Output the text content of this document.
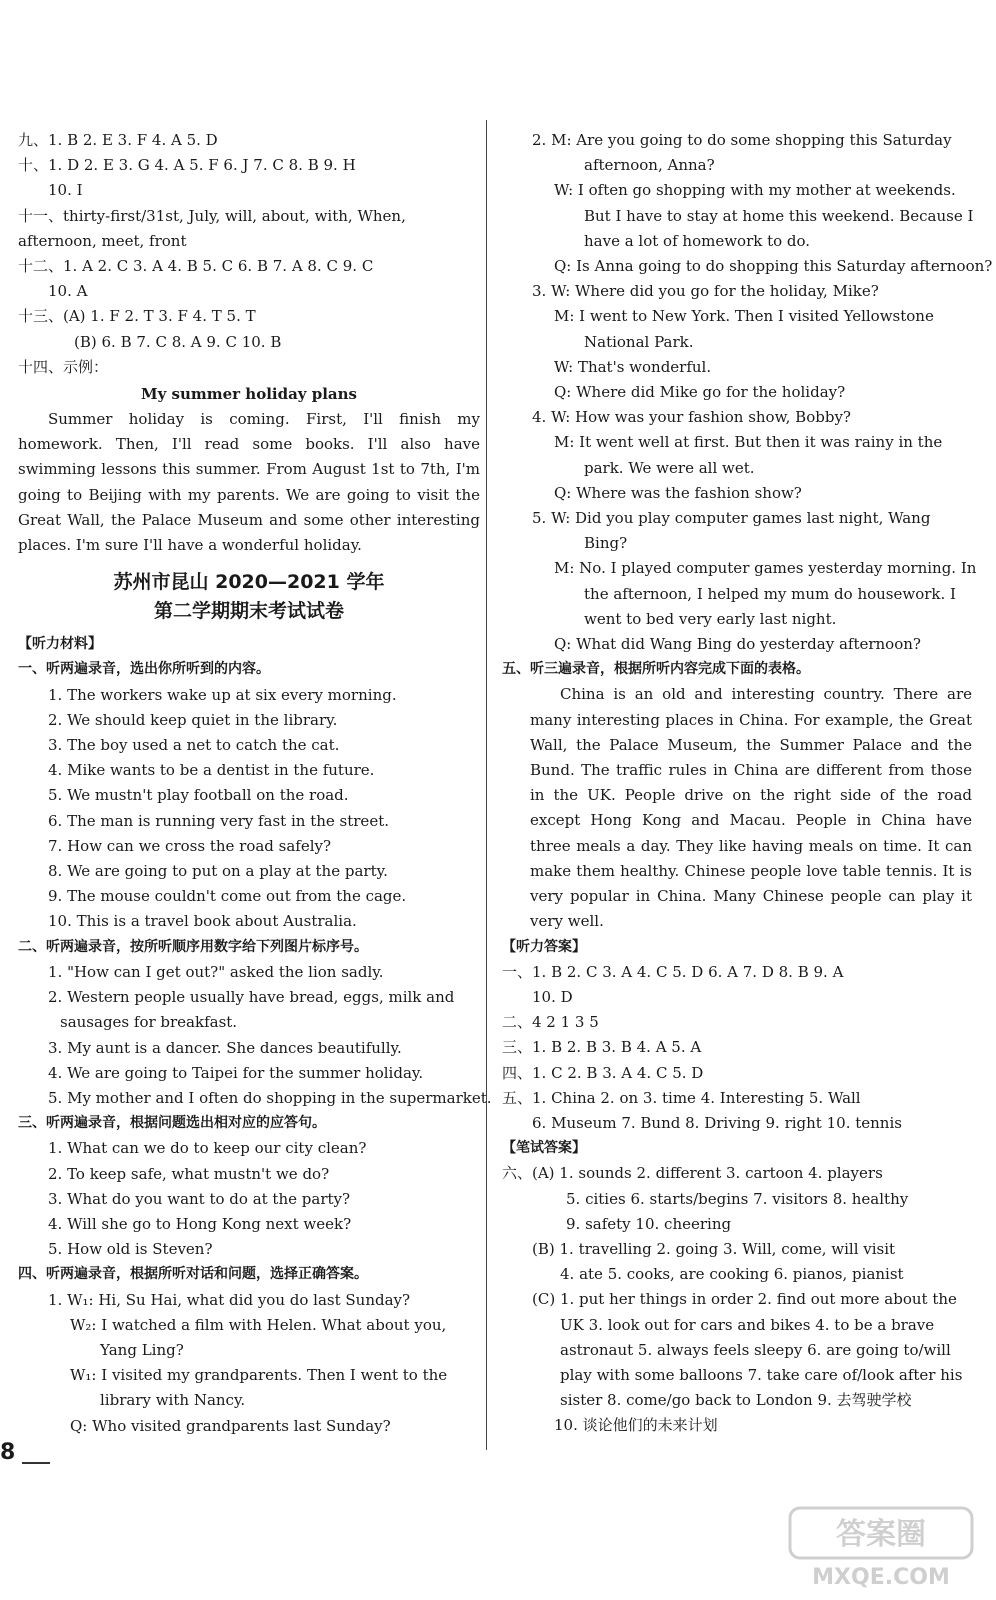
九、1. B 2. E 3. F 4. A 5. D
十、1. D 2. E 3. G 4. A 5. F 6. J 7. C 8. B 9. H
10. I
十一、thirty-first/31st, July, will, about, with, When,
afternoon, meet, front
十二、1. A 2. C 3. A 4. B 5. C 6. B 7. A 8. C 9. C
10. A
十三、(A) 1. F 2. T 3. F 4. T 5. T
(B) 6. B 7. C 8. A 9. C 10. B
十四、示例：
My summer holiday plans

Summer holiday is coming. First, I'll finish my homework. Then, I'll read some books. I'll also have swimming lessons this summer. From August 1st to 7th, I'm going to Beijing with my parents. We are going to visit the Great Wall, the Palace Museum and some other interesting places. I'm sure I'll have a wonderful holiday.

苏州市昆山 2020—2021 学年
第二学期期末考试试卷
【听力材料】
一、听两遍录音，选出你所听到的内容。
1. The workers wake up at six every morning.
2. We should keep quiet in the library.
3. The boy used a net to catch the cat.
4. Mike wants to be a dentist in the future.
5. We mustn't play football on the road.
6. The man is running very fast in the street.
7. How can we cross the road safely?
8. We are going to put on a play at the party.
9. The mouse couldn't come out from the cage.
10. This is a travel book about Australia.
二、听两遍录音，按所听顺序用数字给下列图片标序号。
1. "How can I get out?" asked the lion sadly.
2. Western people usually have bread, eggs, milk and
sausages for breakfast.
3. My aunt is a dancer. She dances beautifully.
4. We are going to Taipei for the summer holiday.
5. My mother and I often do shopping in the supermarket.
三、听两遍录音，根据问题选出相对应的应答句。
1. What can we do to keep our city clean?
2. To keep safe, what mustn't we do?
3. What do you want to do at the party?
4. Will she go to Hong Kong next week?
5. How old is Steven?
四、听两遍录音，根据所听对话和问题，选择正确答案。
1. W₁: Hi, Su Hai, what did you do last Sunday?
W₂: I watched a film with Helen. What about you,
Yang Ling?
W₁: I visited my grandparents. Then I went to the
library with Nancy.
Q: Who visited grandparents last Sunday?
2. M: Are you going to do some shopping this Saturday
afternoon, Anna?
W: I often go shopping with my mother at weekends.
But I have to stay at home this weekend. Because I
have a lot of homework to do.
Q: Is Anna going to do shopping this Saturday afternoon?
3. W: Where did you go for the holiday, Mike?
M: I went to New York. Then I visited Yellowstone
National Park.
W: That's wonderful.
Q: Where did Mike go for the holiday?
4. W: How was your fashion show, Bobby?
M: It went well at first. But then it was rainy in the
park. We were all wet.
Q: Where was the fashion show?
5. W: Did you play computer games last night, Wang
Bing?
M: No. I played computer games yesterday morning. In
the afternoon, I helped my mum do housework. I
went to bed very early last night.
Q: What did Wang Bing do yesterday afternoon?
五、听三遍录音，根据所听内容完成下面的表格。

China is an old and interesting country. There are many interesting places in China. For example, the Great Wall, the Palace Museum, the Summer Palace and the Bund. The traffic rules in China are different from those in the UK. People drive on the right side of the road except Hong Kong and Macau. People in China have three meals a day. They like having meals on time. It can make them healthy. Chinese people love table tennis. It is very popular in China. Many Chinese people can play it very well.

【听力答案】
一、1. B 2. C 3. A 4. C 5. D 6. A 7. D 8. B 9. A
10. D
二、4 2 1 3 5
三、1. B 2. B 3. B 4. A 5. A
四、1. C 2. B 3. A 4. C 5. D
五、1. China 2. on 3. time 4. Interesting 5. Wall
6. Museum 7. Bund 8. Driving 9. right 10. tennis
【笔试答案】
六、(A) 1. sounds 2. different 3. cartoon 4. players
5. cities 6. starts/begins 7. visitors 8. healthy
9. safety 10. cheering
(B) 1. travelling 2. going 3. Will, come, will visit
4. ate 5. cooks, are cooking 6. pianos, pianist
(C) 1. put her things in order 2. find out more about the
UK 3. look out for cars and bikes 4. to be a brave
astronaut 5. always feels sleepy 6. are going to/will
play with some balloons 7. take care of/look after his
sister 8. come/go back to London 9. 去驾驶学校
10. 谈论他们的未来计划
8
答案圈
MXQE.COM
